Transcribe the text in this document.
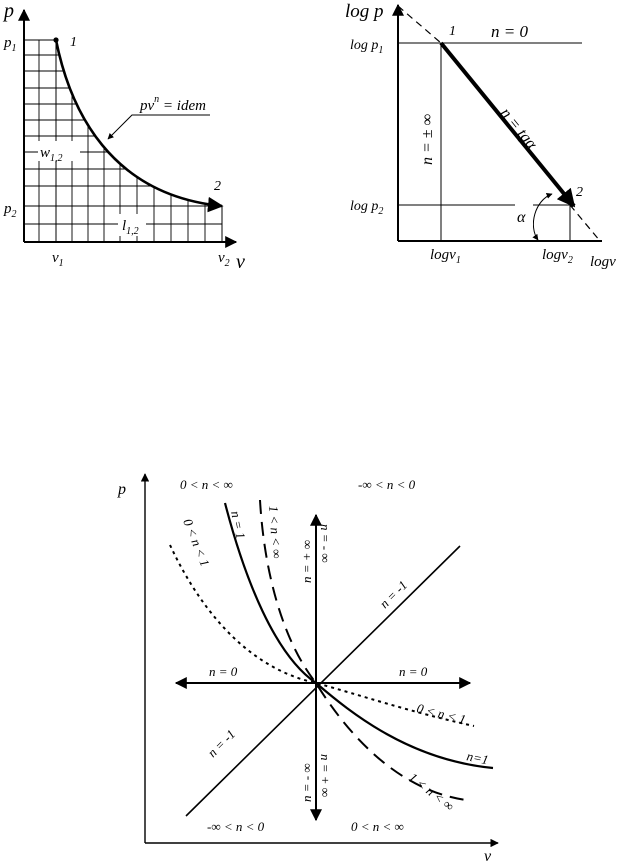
p
v
$p_1$
$p_2$
$v_1$	$v_2$
1
2
$pv^n$ = idem
$w_{1,2}$
$l_{1,2}$
log p
logv
$\log p_1$
$\log p_2$
logv$_1$	logv$_2$
1
2
n = 0
n = ± ∞	n = tgα
α
p
v
0 < n < ∞	-∞ < n < 0
-∞ < n < 0	0 < n < ∞
n = 0	n = 0
n = -1
n = -1
n = 1
n=1
0 < n < 1
0 < n < 1
1 < n < ∞
1 < n < ∞
n = + ∞ n = - ∞
n = - ∞ n = + ∞
